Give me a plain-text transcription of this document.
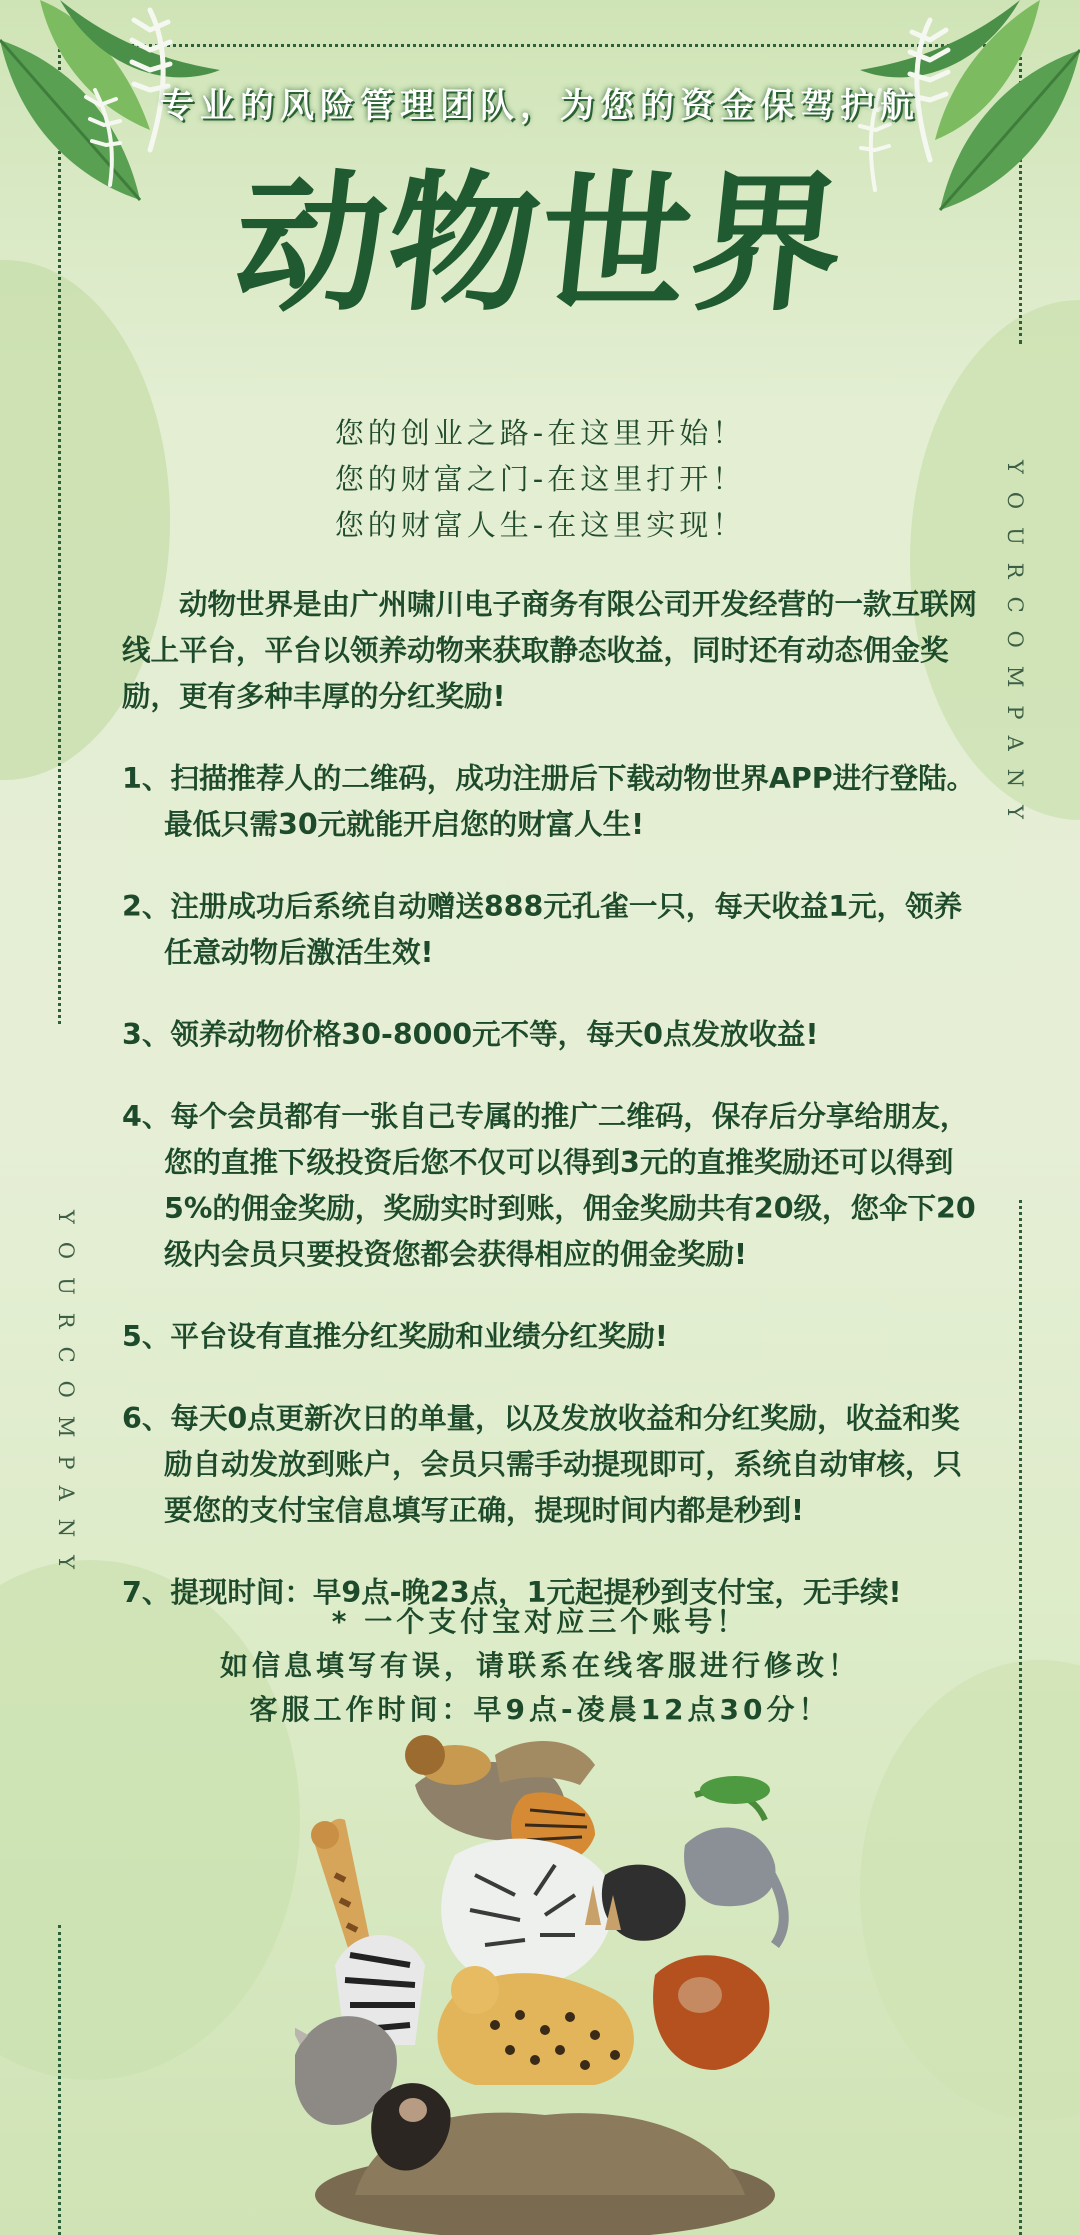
专业的风险管理团队，为您的资金保驾护航
动物世界
您的创业之路-在这里开始！
您的财富之门-在这里打开！
您的财富人生-在这里实现！	YOURCOMPANY
YOURCOMPANY

动物世界是由广州啸川电子商务有限公司开发经营的一款互联网线上平台，平台以领养动物来获取静态收益，同时还有动态佣金奖励，更有多种丰厚的分红奖励!

1、扫描推荐人的二维码，成功注册后下载动物世界APP进行登陆。最低只需30元就能开启您的财富人生!

2、注册成功后系统自动赠送888元孔雀一只，每天收益1元，领养任意动物后激活生效!

3、领养动物价格30-8000元不等，每天0点发放收益!

4、每个会员都有一张自己专属的推广二维码，保存后分享给朋友，您的直推下级投资后您不仅可以得到3元的直推奖励还可以得到5%的佣金奖励，奖励实时到账，佣金奖励共有20级，您伞下20级内会员只要投资您都会获得相应的佣金奖励!

5、平台设有直推分红奖励和业绩分红奖励!

6、每天0点更新次日的单量，以及发放收益和分红奖励，收益和奖励自动发放到账户，会员只需手动提现即可，系统自动审核，只要您的支付宝信息填写正确，提现时间内都是秒到!

7、提现时间：早9点-晚23点，1元起提秒到支付宝，无手续!

* 一个支付宝对应三个账号！
如信息填写有误，请联系在线客服进行修改！
客服工作时间：早9点-凌晨12点30分！
